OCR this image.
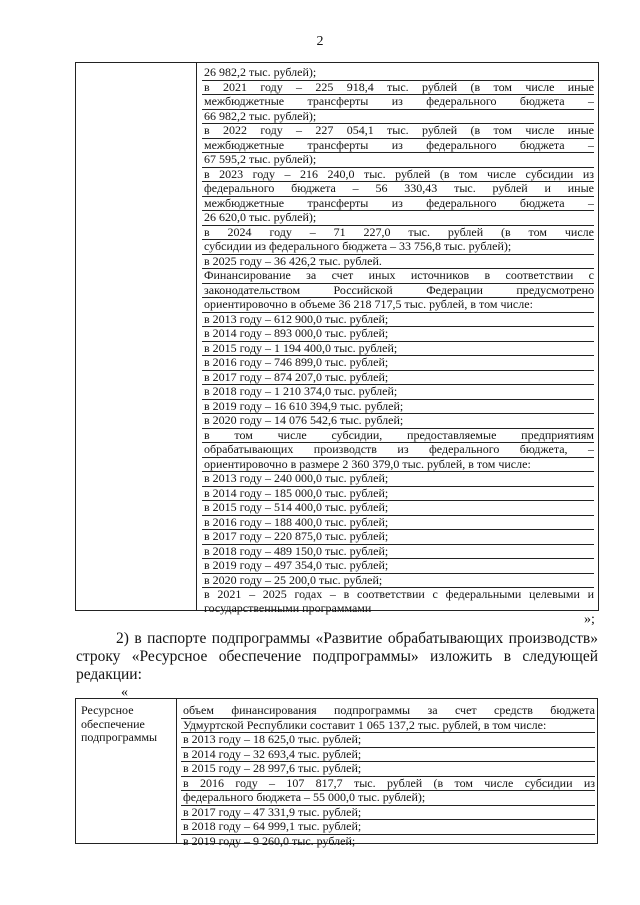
2
26 982,2 тыс. рублей);
в 2021 году – 225 918,4 тыс. рублей (в том числе иные
межбюджетные трансферты из федерального бюджета –
66 982,2 тыс. рублей);
в 2022 году – 227 054,1 тыс. рублей (в том числе иные
межбюджетные трансферты из федерального бюджета –
67 595,2 тыс. рублей);
в 2023 году – 216 240,0 тыс. рублей (в том числе субсидии из
федерального бюджета – 56 330,43 тыс. рублей и иные
межбюджетные трансферты из федерального бюджета –
26 620,0 тыс. рублей);
в 2024 году – 71 227,0 тыс. рублей (в том числе
субсидии из федерального бюджета – 33 756,8 тыс. рублей);
в 2025 году – 36 426,2 тыс. рублей.
Финансирование за счет иных источников в соответствии с
законодательством Российской Федерации предусмотрено
ориентировочно в объеме 36 218 717,5 тыс. рублей, в том числе:
в 2013 году – 612 900,0 тыс. рублей;
в 2014 году – 893 000,0 тыс. рублей;
в 2015 году – 1 194 400,0 тыс. рублей;
в 2016 году – 746 899,0 тыс. рублей;
в 2017 году – 874 207,0 тыс. рублей;
в 2018 году – 1 210 374,0 тыс. рублей;
в 2019 году – 16 610 394,9 тыс. рублей;
в 2020 году – 14 076 542,6 тыс. рублей;
в том числе субсидии, предоставляемые предприятиям
обрабатывающих производств из федерального бюджета, –
ориентировочно в размере 2 360 379,0 тыс. рублей, в том числе:
в 2013 году – 240 000,0 тыс. рублей;
в 2014 году – 185 000,0 тыс. рублей;
в 2015 году – 514 400,0 тыс. рублей;
в 2016 году – 188 400,0 тыс. рублей;
в 2017 году – 220 875,0 тыс. рублей;
в 2018 году – 489 150,0 тыс. рублей;
в 2019 году – 497 354,0 тыс. рублей;
в 2020 году – 25 200,0 тыс. рублей;
в 2021 – 2025 годах – в соответствии с федеральными целевыми и государственными программами
»;
2) в паспорте подпрограммы «Развитие обрабатывающих производств» строку «Ресурсное обеспечение подпрограммы» изложить в следующей редакции:
«
Ресурсное обеспечение подпрограммы
объем финансирования подпрограммы за счет средств бюджета
Удмуртской Республики составит 1 065 137,2 тыс. рублей, в том числе:
в 2013 году – 18 625,0 тыс. рублей;
в 2014 году – 32 693,4 тыс. рублей;
в 2015 году – 28 997,6 тыс. рублей;
в 2016 году – 107 817,7 тыс. рублей (в том числе субсидии из
федерального бюджета – 55 000,0 тыс. рублей);
в 2017 году – 47 331,9 тыс. рублей;
в 2018 году – 64 999,1 тыс. рублей;
в 2019 году – 9 260,0 тыс. рублей;
